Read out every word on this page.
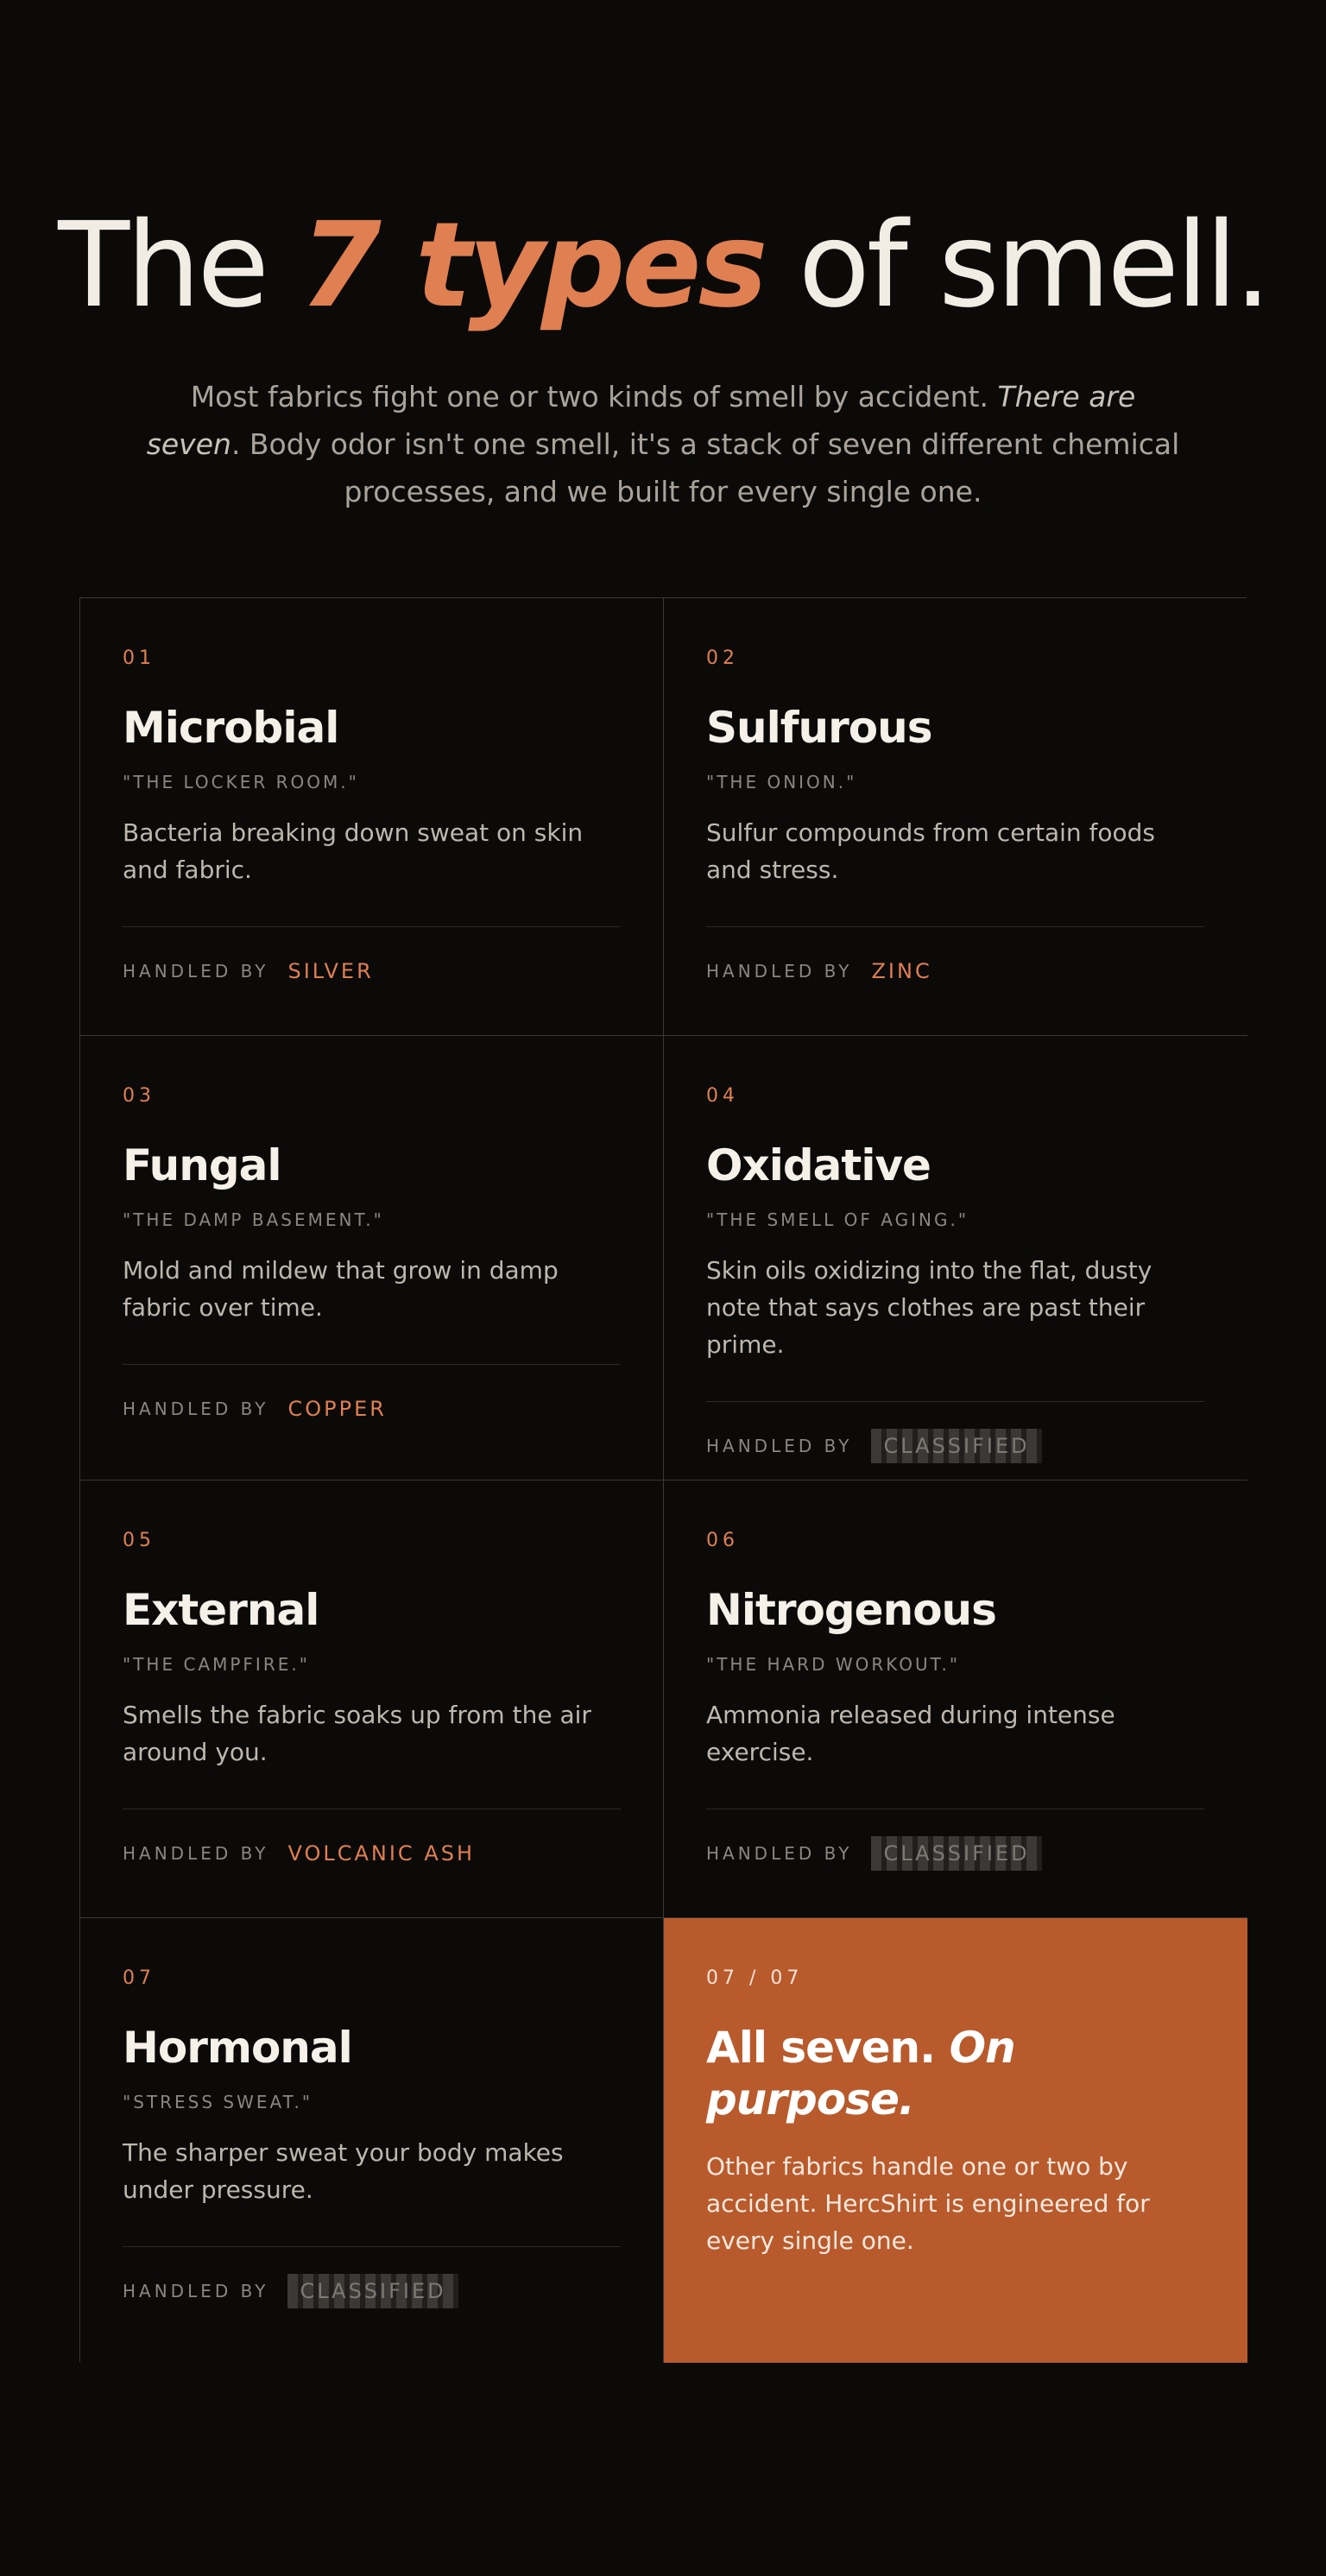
The 7 types of smell.

Most fabrics fight one or two kinds of smell by accident. There are seven. Body odor isn't one smell, it's a stack of seven different chemical processes, and we built for every single one.

01
Microbial
"THE LOCKER ROOM."
Bacteria breaking down sweat on skin and fabric.
HANDLED BY SILVER
02
Sulfurous
"THE ONION."
Sulfur compounds from certain foods and stress.
HANDLED BY ZINC
03
Fungal
"THE DAMP BASEMENT."
Mold and mildew that grow in damp fabric over time.
HANDLED BY COPPER
04
Oxidative
"THE SMELL OF AGING."
Skin oils oxidizing into the flat, dusty note that says clothes are past their prime.
HANDLED BY	CLASSIFIED
05
External
"THE CAMPFIRE."
Smells the fabric soaks up from the air around you.
HANDLED BY VOLCANIC ASH
06
Nitrogenous
"THE HARD WORKOUT."
Ammonia released during intense exercise.
HANDLED BY	CLASSIFIED
07
Hormonal
"STRESS SWEAT."
The sharper sweat your body makes under pressure.
HANDLED BY	CLASSIFIED
07 / 07
All seven. On purpose.
Other fabrics handle one or two by accident. HercShirt is engineered for every single one.
